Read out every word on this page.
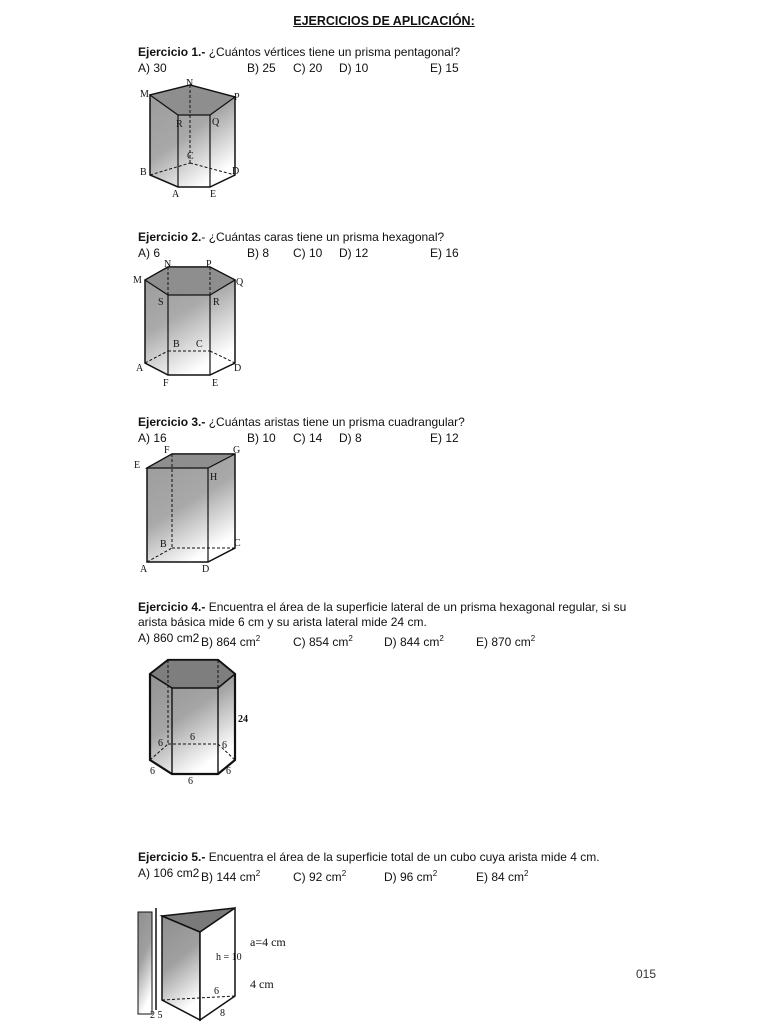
EJERCICIOS DE APLICACIÓN:
Ejercicio 1.- ¿Cuántos vértices tiene un prisma pentagonal?
A) 30	B) 25 C) 20 D) 10	E) 15
N
M	P
R	Q
C
B	D
A	E
Ejercicio 2.- ¿Cuántas caras tiene un prisma hexagonal?
A) 6	B) 8 C) 10 D) 12	E) 16
N	P
M	Q
S	R
B C
A	D
F	E
Ejercicio 3.- ¿Cuántas aristas tiene un prisma cuadrangular?
A) 16	B) 10 C) 14 D) 8	E) 12
F	G
E
H
B	C
A	D
Ejercicio 4.- Encuentra el área de la superficie lateral de un prisma hexagonal regular, si su
arista básica mide 6 cm y su arista lateral mide 24 cm.
A) 860 cm2 B) 864 $cm^2$	C) 854 $cm^2$	D) 844 $cm^2$	E) 870 $cm^2$
24
6
6	6
6	6
6
Ejercicio 5.- Encuentra el área de la superficie total de un cubo cuya arista mide 4 cm.
A) 106 cm2 B) 144 $cm^2$	C) 92 $cm^2$	D) 96 $cm^2$	E) 84 $cm^2$
a=4 cm
h = 10
4 cm
6
2 5	8
015
